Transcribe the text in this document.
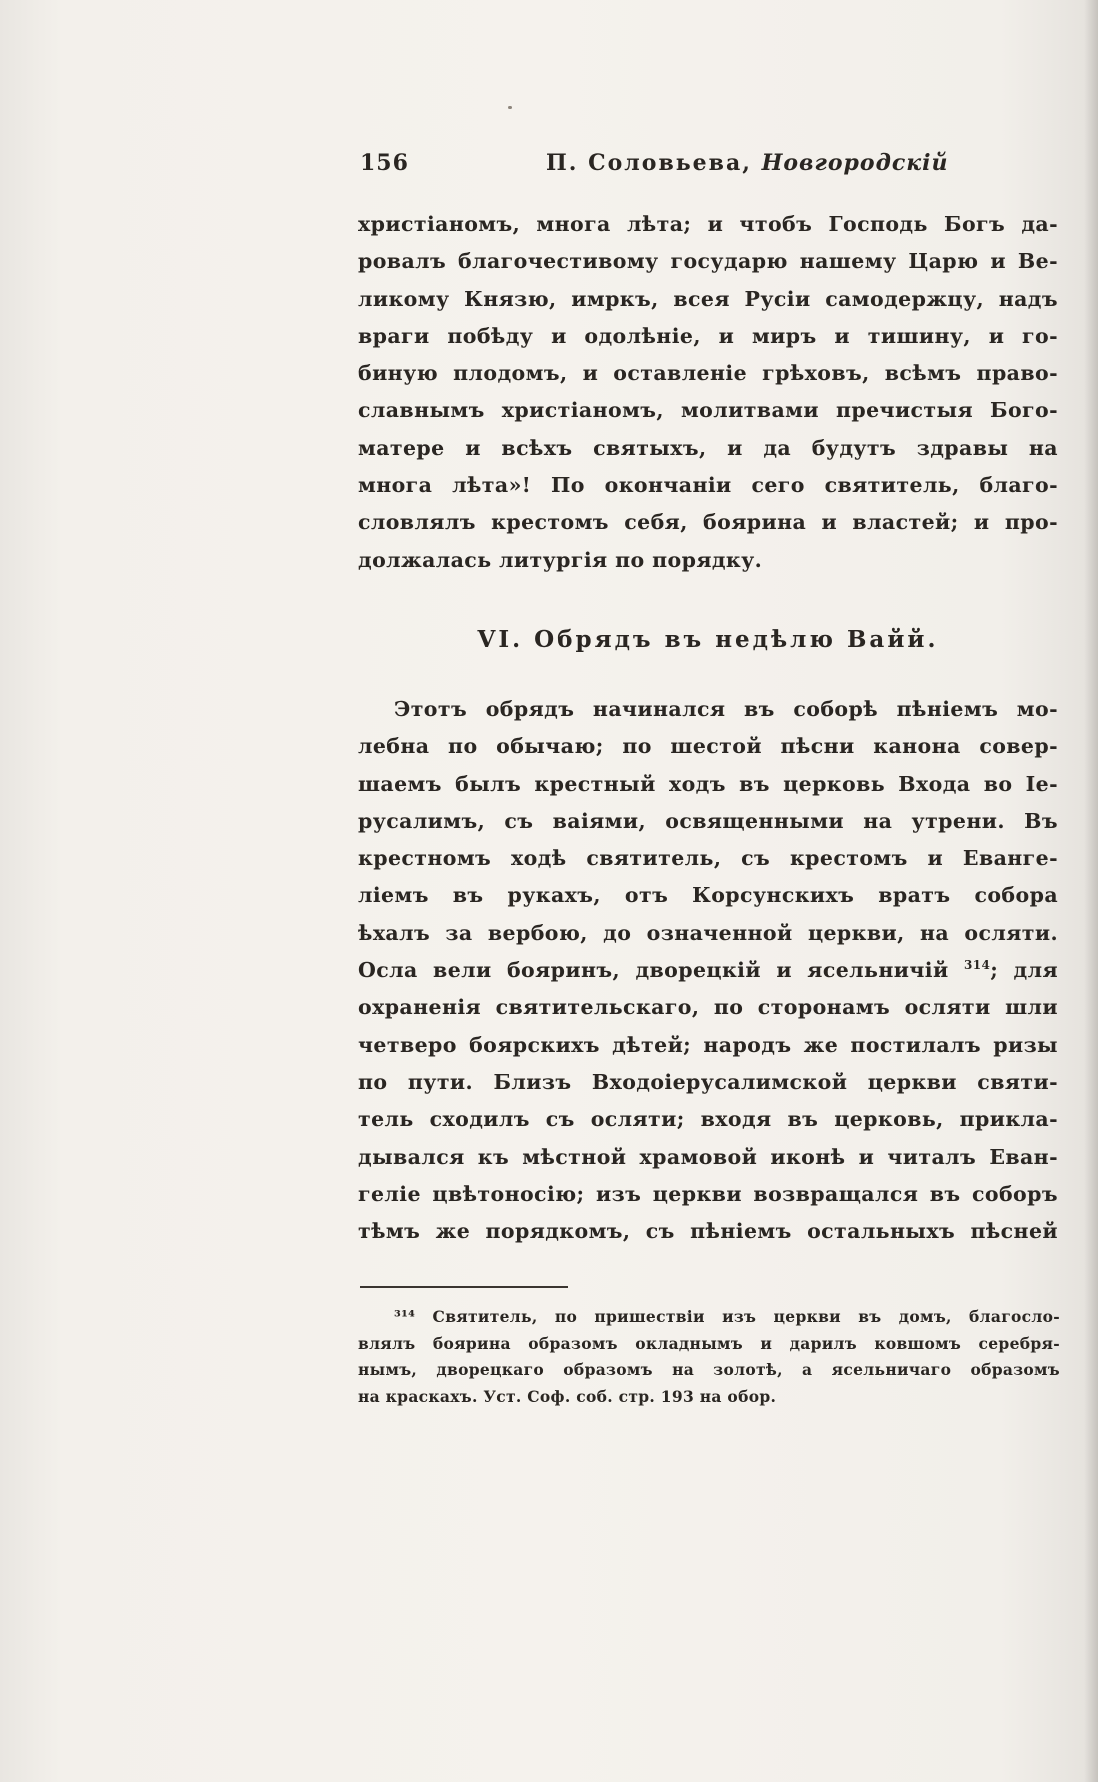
156	П. Соловьева, Новгородскій
христіаномъ, многа лѣта; и чтобъ Господь Богъ да-
ровалъ благочестивому государю нашему Царю и Ве-
ликому Князю, имркъ, всея Русіи самодержцу, надъ
враги побѣду и одолѣніе, и миръ и тишину, и го-
биную плодомъ, и оставленіе грѣховъ, всѣмъ право-
славнымъ христіаномъ, молитвами пречистыя Бого-
матере и всѣхъ святыхъ, и да будутъ здравы на
многа лѣта»! По окончаніи сего святитель, благо-
словлялъ крестомъ себя, боярина и властей; и про-
должалась литургія по порядку.
VI. Обрядъ въ недѣлю Вайй.
Этотъ обрядъ начинался въ соборѣ пѣніемъ мо-
лебна по обычаю; по шестой пѣсни канона совер-
шаемъ былъ крестный ходъ въ церковь Входа во Іе-
русалимъ, съ ваіями, освященными на утрени. Въ
крестномъ ходѣ святитель, съ крестомъ и Еванге-
ліемъ въ рукахъ, отъ Корсунскихъ вратъ собора
ѣхалъ за вербою, до означенной церкви, на осляти.
Осла вели бояринъ, дворецкій и ясельничій $^{314}$; для
охраненія святительскаго, по сторонамъ осляти шли
четверо боярскихъ дѣтей; народъ же постилалъ ризы
по пути. Близъ Входоіерусалимской церкви святи-
тель сходилъ съ осляти; входя въ церковь, прикла-
дывался къ мѣстной храмовой иконѣ и читалъ Еван-
геліе цвѣтоносію; изъ церкви возвращался въ соборъ
тѣмъ же порядкомъ, съ пѣніемъ остальныхъ пѣсней
³¹⁴ Святитель, по пришествіи изъ церкви въ домъ, благосло-
влялъ боярина образомъ окладнымъ и дарилъ ковшомъ серебря-
нымъ, дворецкаго образомъ на золотѣ, а ясельничаго образомъ
на краскахъ. Уст. Соф. соб. стр. 193 на обор.
